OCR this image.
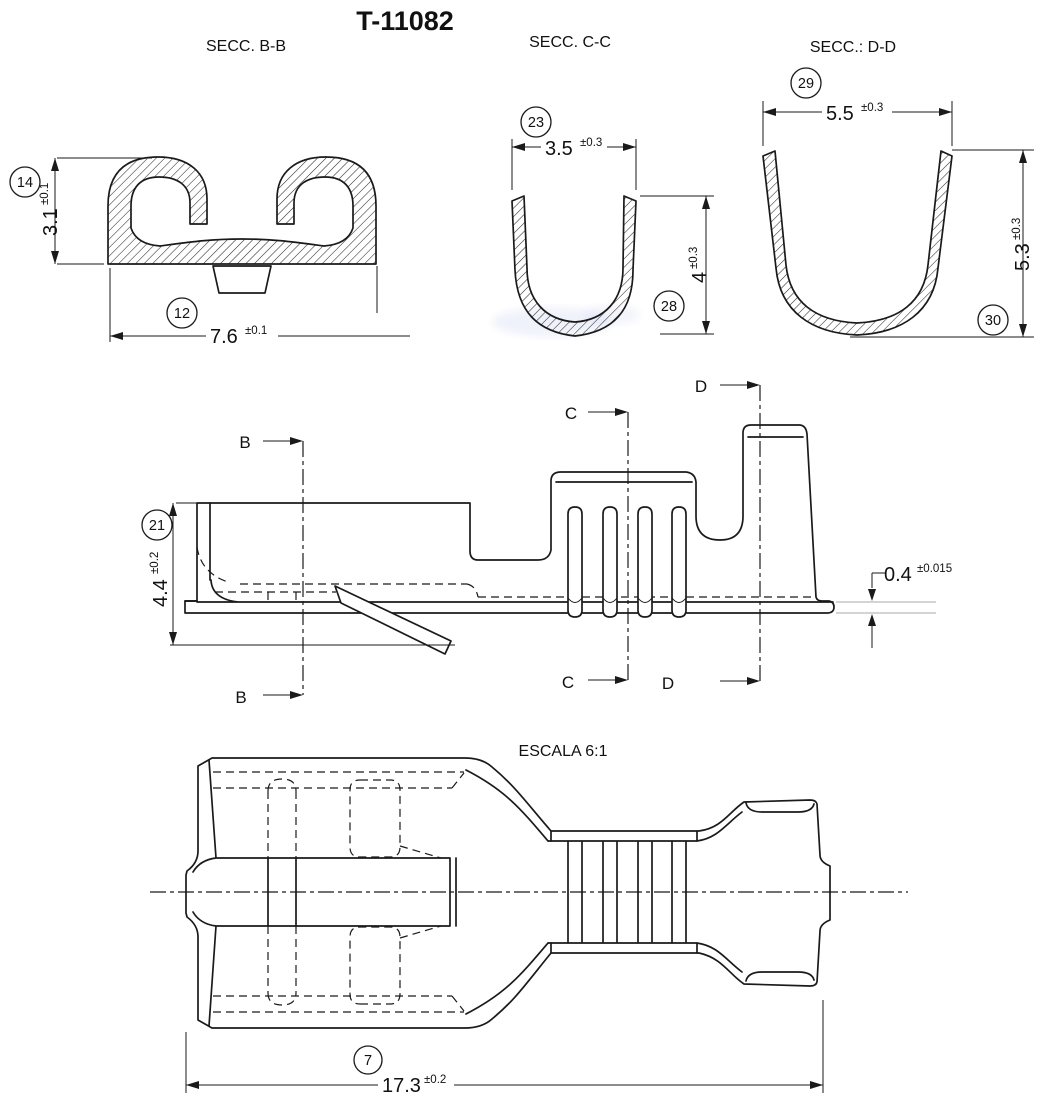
T-11082
SECC. B-B
3.1
±0.1
14
7.6 ±0.1
12
SECC. C-C
3.5 ±0.3
23
4
±0.3
28
SECC.: D-D
5.5 ±0.3
29
5.3
±0.3
30
B
B
C
C
D
D
4.4
±0.2
21
0.4 ±0.015
ESCALA 6:1
17.3 ±0.2
7
